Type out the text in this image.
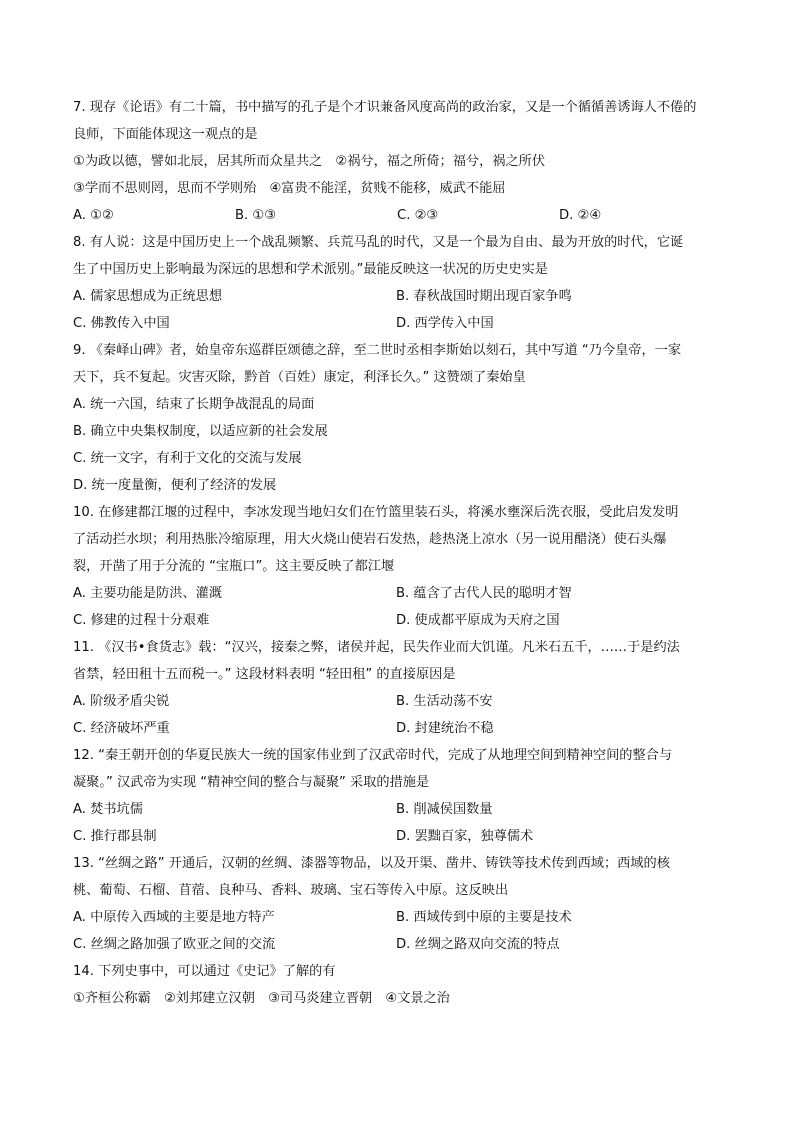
7. 现存《论语》有二十篇，书中描写的孔子是个才识兼备风度高尚的政治家，又是一个循循善诱诲人不倦的
良师，下面能体现这一观点的是
①为政以德，譬如北辰，居其所而众星共之　②祸兮，福之所倚；福兮，祸之所伏
③学而不思则罔，思而不学则殆　④富贵不能淫，贫贱不能移，威武不能屈
A. ①②	B. ①③	C. ②③	D. ②④
8. 有人说：这是中国历史上一个战乱频繁、兵荒马乱的时代，又是一个最为自由、最为开放的时代，它诞
生了中国历史上影响最为深远的思想和学术派别。”最能反映这一状况的历史史实是
A. 儒家思想成为正统思想	B. 春秋战国时期出现百家争鸣
C. 佛教传入中国	D. 西学传入中国
9. 《秦峄山碑》者，始皇帝东巡群臣颂德之辞，至二世时丞相李斯始以刻石，其中写道 “乃今皇帝，一家
天下，兵不复起。灾害灭除，黔首（百姓）康定，利泽长久。” 这赞颂了秦始皇
A. 统一六国，结束了长期争战混乱的局面
B. 确立中央集权制度，以适应新的社会发展
C. 统一文字，有利于文化的交流与发展
D. 统一度量衡，便利了经济的发展
10. 在修建都江堰的过程中，李冰发现当地妇女们在竹篮里装石头，将溪水壅深后洗衣服，受此启发发明
了活动拦水坝；利用热胀冷缩原理，用大火烧山使岩石发热，趁热浇上凉水（另一说用醋浇）使石头爆
裂，开凿了用于分流的 “宝瓶口”。这主要反映了都江堰
A. 主要功能是防洪、灌溉	B. 蕴含了古代人民的聪明才智
C. 修建的过程十分艰难	D. 使成都平原成为天府之国
11. 《汉书•食货志》载：“汉兴，接秦之弊，诸侯并起，民失作业而大饥谨。凡米石五千，……于是约法
省禁，轻田租十五而税一。” 这段材料表明 “轻田租” 的直接原因是
A. 阶级矛盾尖锐	B. 生活动荡不安
C. 经济破坏严重	D. 封建统治不稳
12. “秦王朝开创的华夏民族大一统的国家伟业到了汉武帝时代，完成了从地理空间到精神空间的整合与
凝聚。” 汉武帝为实现 “精神空间的整合与凝聚” 采取的措施是
A. 焚书坑儒	B. 削减侯国数量
C. 推行郡县制	D. 罢黜百家，独尊儒术
13. “丝绸之路” 开通后，汉朝的丝绸、漆器等物品，以及开渠、凿井、铸铁等技术传到西域；西域的核
桃、葡萄、石榴、苜蓿、良种马、香料、玻璃、宝石等传入中原。这反映出
A. 中原传入西域的主要是地方特产	B. 西域传到中原的主要是技术
C. 丝绸之路加强了欧亚之间的交流	D. 丝绸之路双向交流的特点
14. 下列史事中，可以通过《史记》了解的有
①齐桓公称霸　②刘邦建立汉朝　③司马炎建立晋朝　④文景之治
